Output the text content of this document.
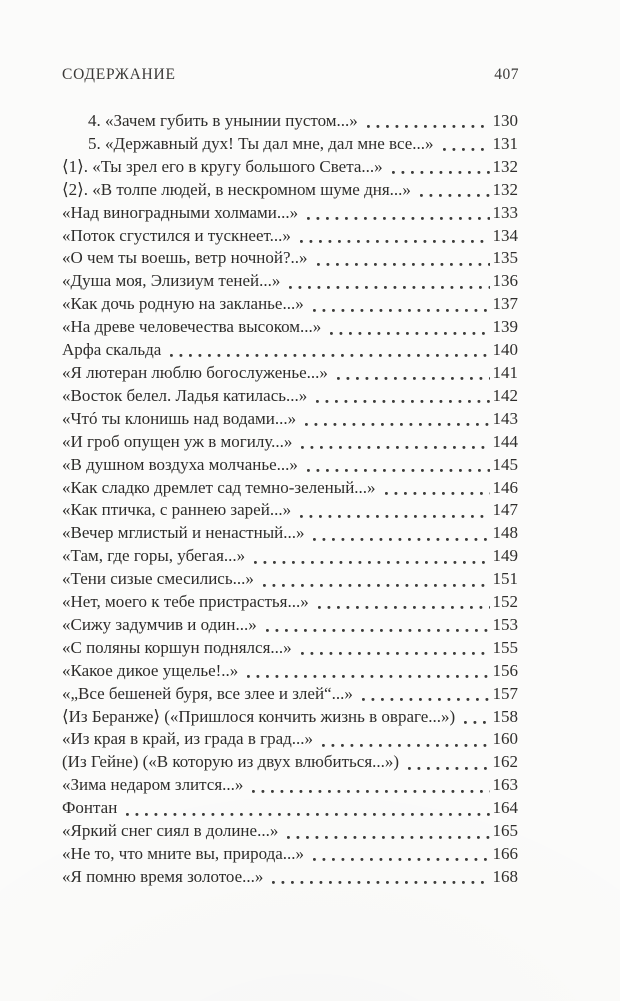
СОДЕРЖАНИЕ	407
4. «Зачем губить в унынии пустом...»	130
5. «Державный дух! Ты дал мне, дал мне все...»	131
⟨1⟩. «Ты зрел его в кругу большого Света...»	132
⟨2⟩. «В толпе людей, в нескромном шуме дня...»	132
«Над виноградными холмами...»	133
«Поток сгустился и тускнеет...»	134
«О чем ты воешь, ветр ночной?..»	135
«Душа моя, Элизиум теней...»	136
«Как дочь родную на закланье...»	137
«На древе человечества высоком...»	139
Арфа скальда	140
«Я лютеран люблю богослуженье...»	141
«Восток белел. Ладья катилась...»	142
«Чтó ты клонишь над водами...»	143
«И гроб опущен уж в могилу...»	144
«В душном воздуха молчанье...»	145
«Как сладко дремлет сад темно-зеленый...»	146
«Как птичка, с раннею зарей...»	147
«Вечер мглистый и ненастный...»	148
«Там, где горы, убегая...»	149
«Тени сизые смесились...»	151
«Нет, моего к тебе пристрастья...»	152
«Сижу задумчив и один...»	153
«С поляны коршун поднялся...»	155
«Какое дикое ущелье!..»	156
«„Все бешеней буря, все злее и злей“...»	157
⟨Из Беранже⟩ («Пришлося кончить жизнь в овраге...») 158
«Из края в край, из града в град...»	160
(Из Гейне) («В которую из двух влюбиться...»)	162
«Зима недаром злится...»	163
Фонтан	164
«Яркий снег сиял в долине...»	165
«Не то, что мните вы, природа...»	166
«Я помню время золотое...»	168
